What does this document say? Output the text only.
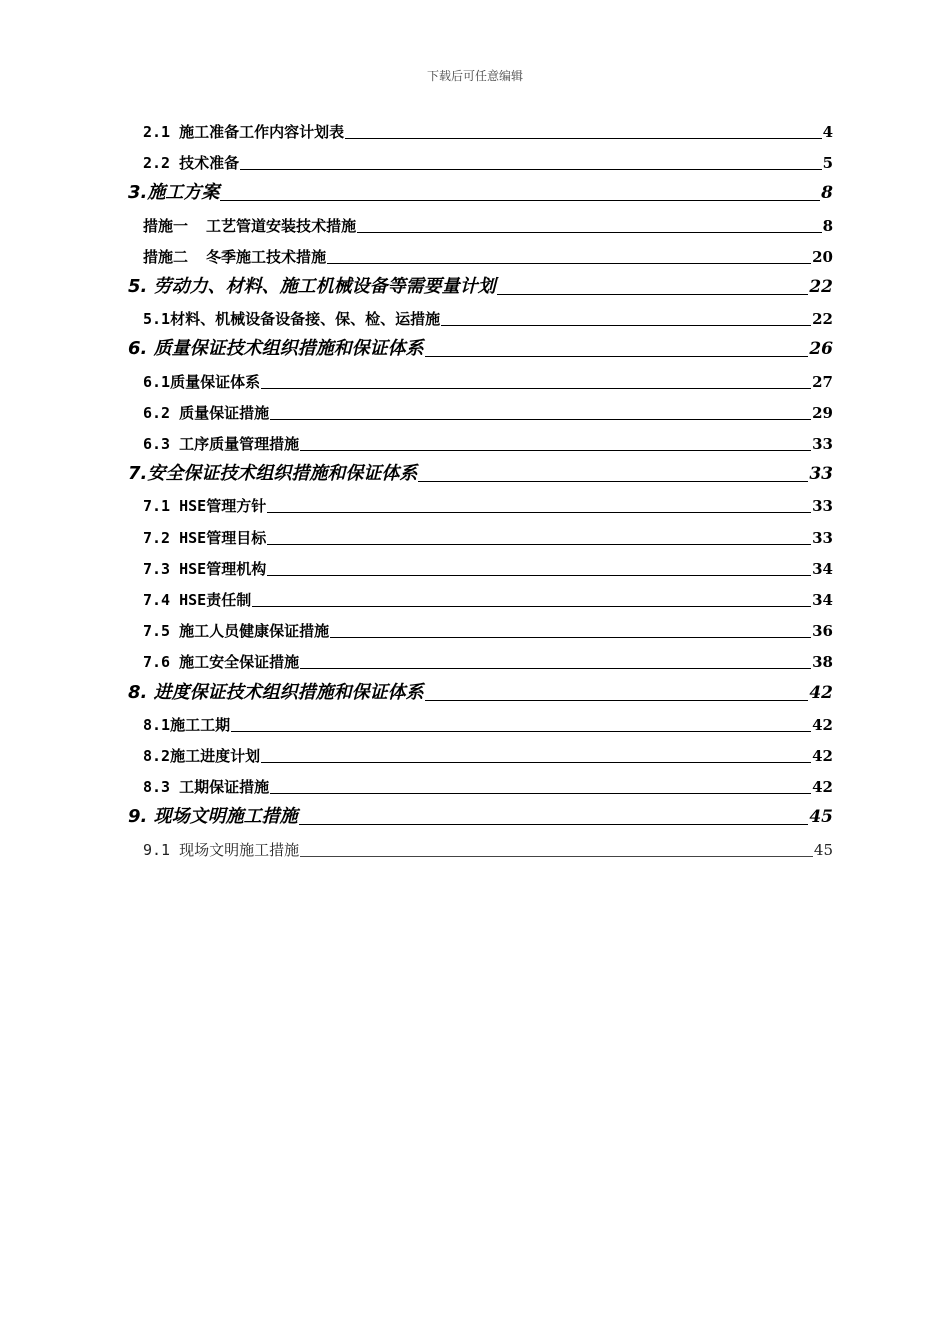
下载后可任意编辑
2.1 施工准备工作内容计划表	4
2.2 技术准备	5
3.施工方案	8
措施一  工艺管道安装技术措施	8
措施二  冬季施工技术措施	20
5. 劳动力、材料、施工机械设备等需要量计划	22
5.1材料、机械设备设备接、保、检、运措施	22
6. 质量保证技术组织措施和保证体系	26
6.1质量保证体系	27
6.2 质量保证措施	29
6.3 工序质量管理措施	33
7.安全保证技术组织措施和保证体系	33
7.1 HSE管理方针	33
7.2 HSE管理目标	33
7.3 HSE管理机构	34
7.4 HSE责任制	34
7.5 施工人员健康保证措施	36
7.6 施工安全保证措施	38
8. 进度保证技术组织措施和保证体系	42
8.1施工工期	42
8.2施工进度计划	42
8.3 工期保证措施	42
9. 现场文明施工措施	45
9.1 现场文明施工措施	45
